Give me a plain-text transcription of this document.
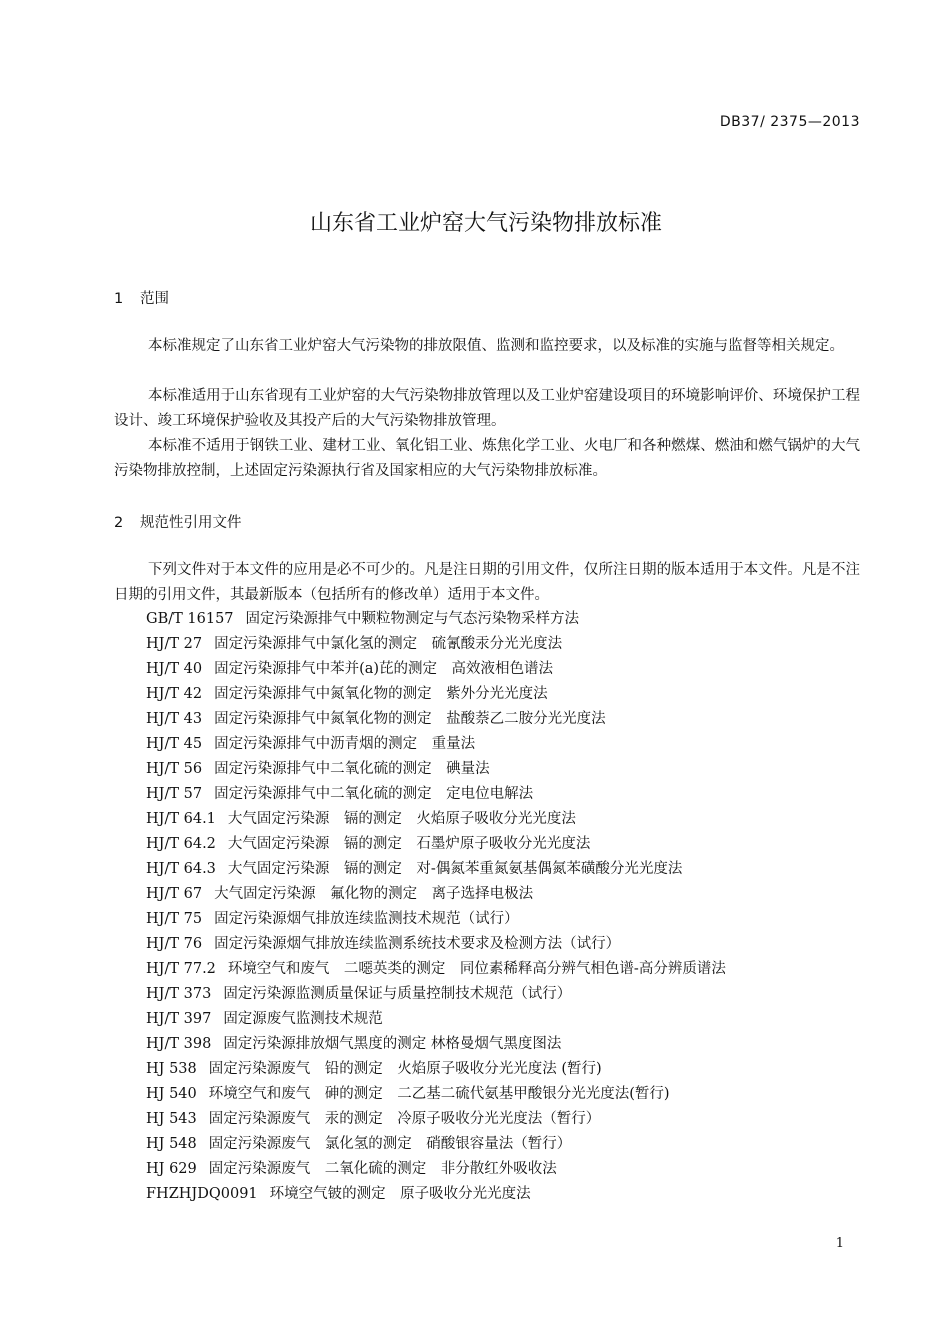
DB37/ 2375—2013
山东省工业炉窑大气污染物排放标准
1 范围

本标准规定了山东省工业炉窑大气污染物的排放限值、监测和监控要求，以及标准的实施与监督等相关规定。

本标准适用于山东省现有工业炉窑的大气污染物排放管理以及工业炉窑建设项目的环境影响评价、环境保护工程设计、竣工环境保护验收及其投产后的大气污染物排放管理。

本标准不适用于钢铁工业、建材工业、氧化铝工业、炼焦化学工业、火电厂和各种燃煤、燃油和燃气锅炉的大气污染物排放控制，上述固定污染源执行省及国家相应的大气污染物排放标准。

2 规范性引用文件

下列文件对于本文件的应用是必不可少的。凡是注日期的引用文件，仅所注日期的版本适用于本文件。凡是不注日期的引用文件，其最新版本（包括所有的修改单）适用于本文件。

GB/T 16157 固定污染源排气中颗粒物测定与气态污染物采样方法
HJ/T 27 固定污染源排气中氯化氢的测定　硫氰酸汞分光光度法
HJ/T 40 固定污染源排气中苯并(a)芘的测定　高效液相色谱法
HJ/T 42 固定污染源排气中氮氧化物的测定　紫外分光光度法
HJ/T 43 固定污染源排气中氮氧化物的测定　盐酸萘乙二胺分光光度法
HJ/T 45 固定污染源排气中沥青烟的测定　重量法
HJ/T 56 固定污染源排气中二氧化硫的测定　碘量法
HJ/T 57 固定污染源排气中二氧化硫的测定　定电位电解法
HJ/T 64.1 大气固定污染源　镉的测定　火焰原子吸收分光光度法
HJ/T 64.2 大气固定污染源　镉的测定　石墨炉原子吸收分光光度法
HJ/T 64.3 大气固定污染源　镉的测定　对-偶氮苯重氮氨基偶氮苯磺酸分光光度法
HJ/T 67 大气固定污染源　氟化物的测定　离子选择电极法
HJ/T 75 固定污染源烟气排放连续监测技术规范（试行）
HJ/T 76 固定污染源烟气排放连续监测系统技术要求及检测方法（试行）
HJ/T 77.2 环境空气和废气　二噁英类的测定　同位素稀释高分辨气相色谱-高分辨质谱法
HJ/T 373 固定污染源监测质量保证与质量控制技术规范（试行）
HJ/T 397 固定源废气监测技术规范
HJ/T 398 固定污染源排放烟气黑度的测定 林格曼烟气黑度图法
HJ 538 固定污染源废气　铅的测定　火焰原子吸收分光光度法 (暂行)
HJ 540 环境空气和废气　砷的测定　二乙基二硫代氨基甲酸银分光光度法(暂行)
HJ 543 固定污染源废气　汞的测定　冷原子吸收分光光度法（暂行）
HJ 548 固定污染源废气　氯化氢的测定　硝酸银容量法（暂行）
HJ 629 固定污染源废气　二氧化硫的测定　非分散红外吸收法
FHZHJDQ0091 环境空气铍的测定　原子吸收分光光度法
1
